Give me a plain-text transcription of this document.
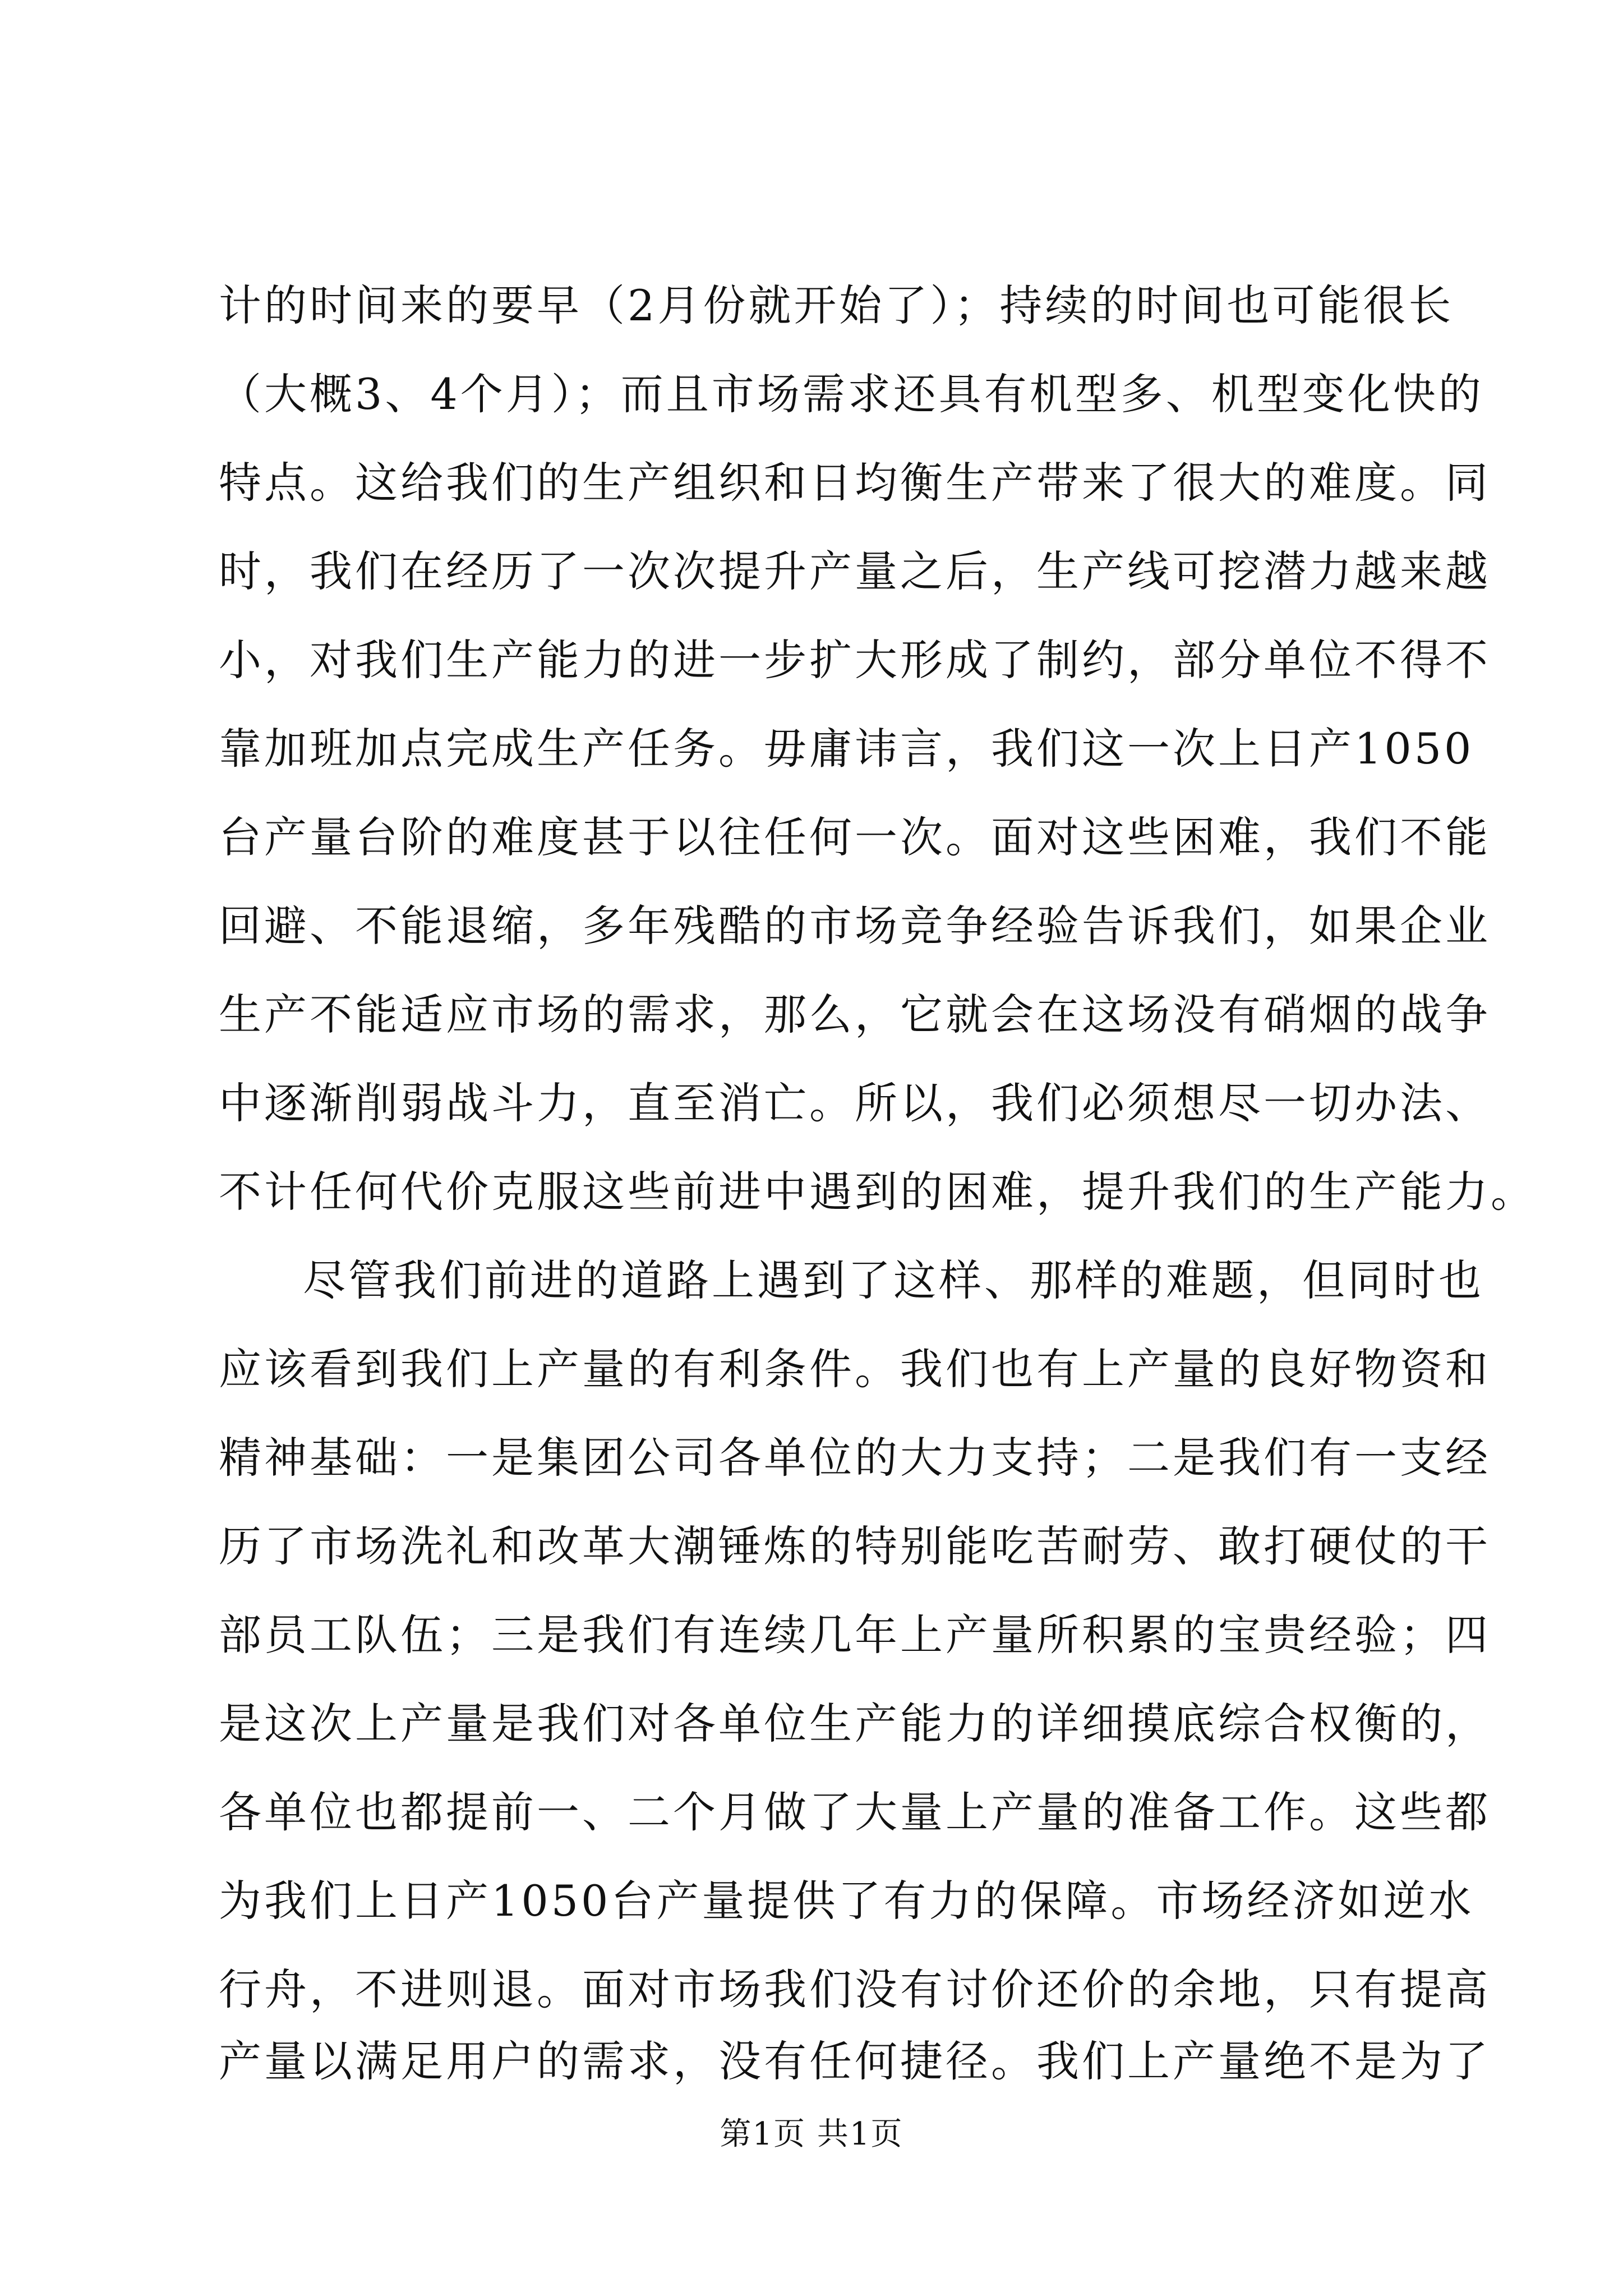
计的时间来的要早（2月份就开始了）；持续的时间也可能很长
（大概3、4个月）；而且市场需求还具有机型多、机型变化快的
特点。这给我们的生产组织和日均衡生产带来了很大的难度。同
时，我们在经历了一次次提升产量之后，生产线可挖潜力越来越
小，对我们生产能力的进一步扩大形成了制约，部分单位不得不
靠加班加点完成生产任务。毋庸讳言，我们这一次上日产1050
台产量台阶的难度甚于以往任何一次。面对这些困难，我们不能
回避、不能退缩，多年残酷的市场竞争经验告诉我们，如果企业
生产不能适应市场的需求，那么，它就会在这场没有硝烟的战争
中逐渐削弱战斗力，直至消亡。所以，我们必须想尽一切办法、
不计任何代价克服这些前进中遇到的困难，提升我们的生产能力。
尽管我们前进的道路上遇到了这样、那样的难题，但同时也
应该看到我们上产量的有利条件。我们也有上产量的良好物资和
精神基础：一是集团公司各单位的大力支持；二是我们有一支经
历了市场洗礼和改革大潮锤炼的特别能吃苦耐劳、敢打硬仗的干
部员工队伍；三是我们有连续几年上产量所积累的宝贵经验；四
是这次上产量是我们对各单位生产能力的详细摸底综合权衡的，
各单位也都提前一、二个月做了大量上产量的准备工作。这些都
为我们上日产1050台产量提供了有力的保障。市场经济如逆水
行舟，不进则退。面对市场我们没有讨价还价的余地，只有提高
产量以满足用户的需求，没有任何捷径。我们上产量绝不是为了
第1页 共1页
